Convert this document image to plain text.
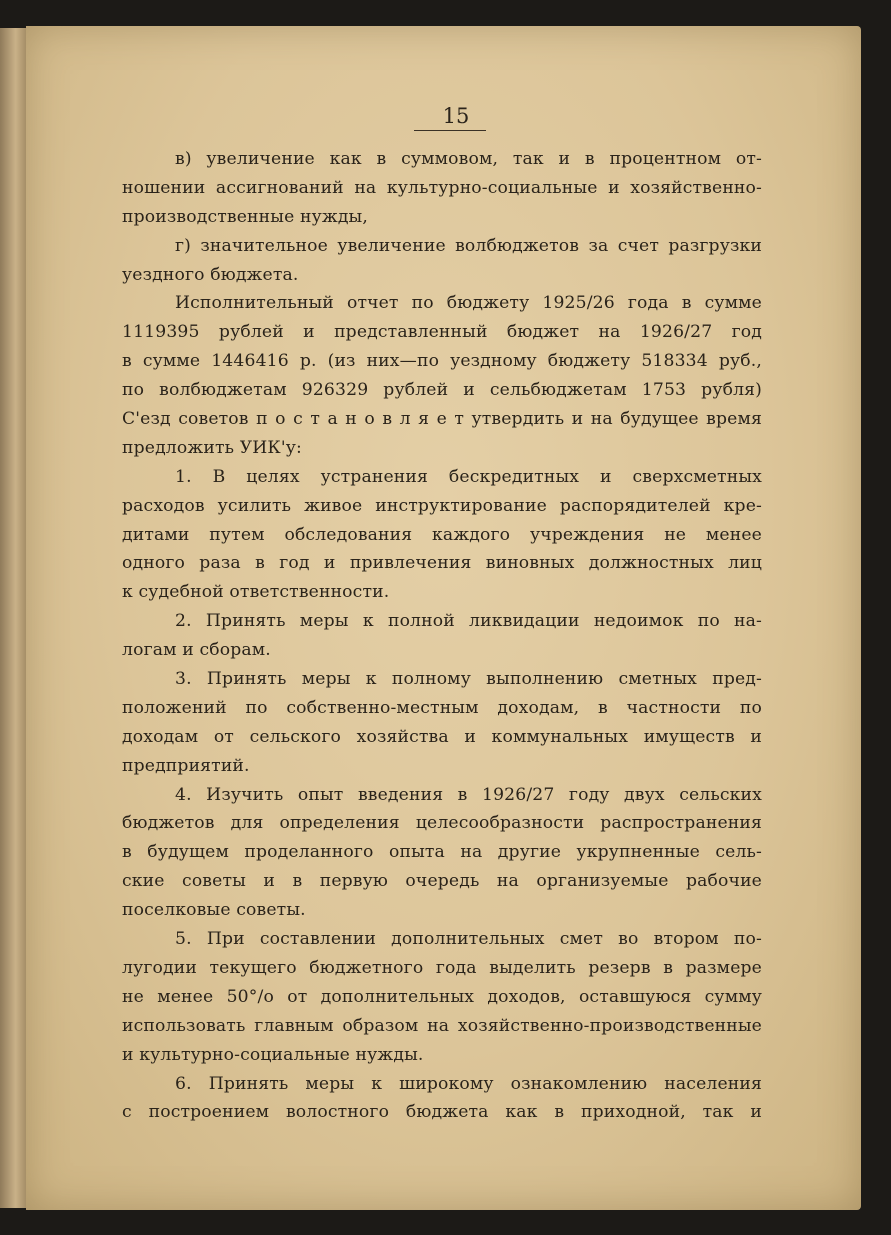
15
в) увеличение как в суммовом, так и в процентном от-
ношении ассигнований на культурно-социальные и хозяйственно-
производственные нужды,
г) значительное увеличение волбюджетов за счет разгрузки
уездного бюджета.
Исполнительный отчет по бюджету 1925/26 года в сумме
1119395 рублей и представленный бюджет на 1926/27 год
в сумме 1446416 р. (из них—по уездному бюджету 518334 руб.,
по волбюджетам 926329 рублей и сельбюджетам 1753 рубля)
С'езд советов п о с т а н о в л я е т утвердить и на будущее время
предложить УИК'у:
1. В целях устранения бескредитных и сверхсметных
расходов усилить живое инструктирование распорядителей кре-
дитами путем обследования каждого учреждения не менее
одного раза в год и привлечения виновных должностных лиц
к судебной ответственности.
2. Принять меры к полной ликвидации недоимок по на-
логам и сборам.
3. Принять меры к полному выполнению сметных пред-
положений по собственно-местным доходам, в частности по
доходам от сельского хозяйства и коммунальных имуществ и
предприятий.
4. Изучить опыт введения в 1926/27 году двух сельских
бюджетов для определения целесообразности распространения
в будущем проделанного опыта на другие укрупненные сель-
ские советы и в первую очередь на организуемые рабочие
поселковые советы.
5. При составлении дополнительных смет во втором по-
лугодии текущего бюджетного года выделить резерв в размере
не менее 50°/о от дополнительных доходов, оставшуюся сумму
использовать главным образом на хозяйственно-производственные
и культурно-социальные нужды.
6. Принять меры к широкому ознакомлению населения
с построением волостного бюджета как в приходной, так и
